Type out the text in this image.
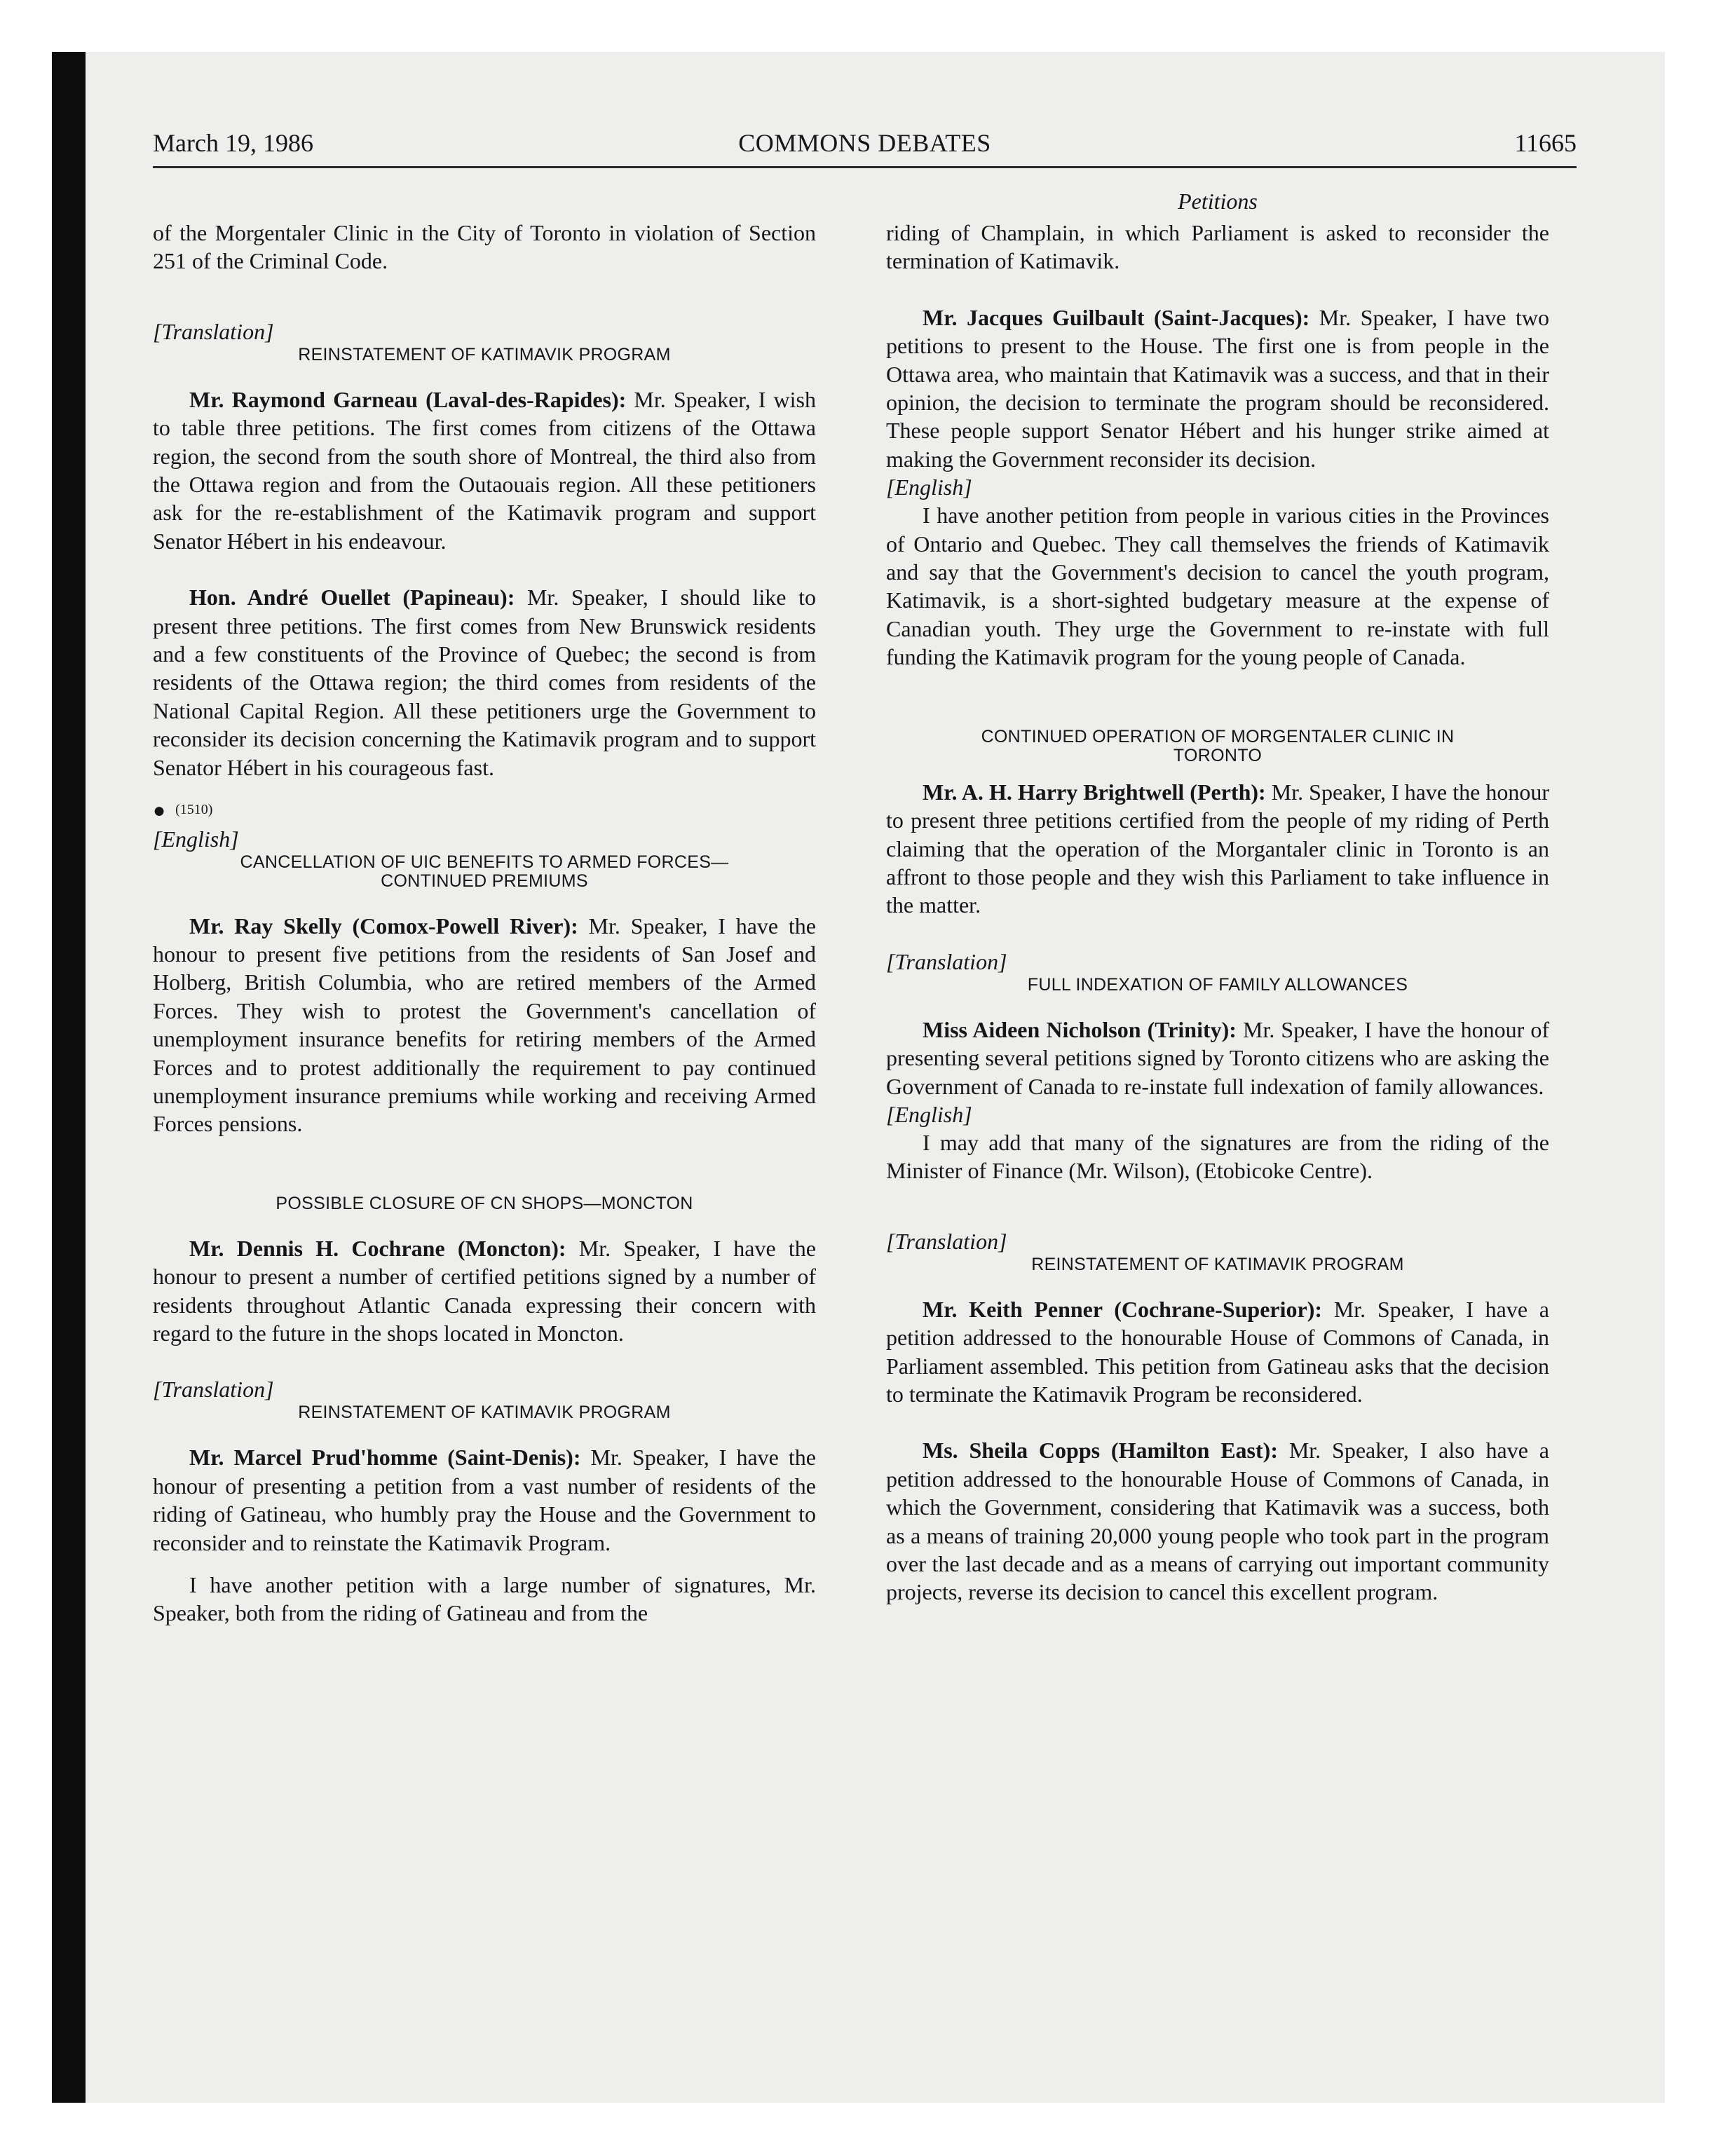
March 19, 1986	COMMONS DEBATES	11665

of the Morgentaler Clinic in the City of Toronto in violation of Section 251 of the Criminal Code.

[Translation]
REINSTATEMENT OF KATIMAVIK PROGRAM

Mr. Raymond Garneau (Laval-des-Rapides): Mr. Speaker, I wish to table three petitions. The first comes from citizens of the Ottawa region, the second from the south shore of Montreal, the third also from the Ottawa region and from the Outaouais region. All these petitioners ask for the re-establishment of the Katimavik program and support Senator Hébert in his endeavour.

Hon. André Ouellet (Papineau): Mr. Speaker, I should like to present three petitions. The first comes from New Brunswick residents and a few constituents of the Province of Quebec; the second is from residents of the Ottawa region; the third comes from residents of the National Capital Region. All these petitioners urge the Government to reconsider its decision concerning the Katimavik program and to support Senator Hébert in his courageous fast.

● (1510)
[English]
CANCELLATION OF UIC BENEFITS TO ARMED FORCES—
CONTINUED PREMIUMS

Mr. Ray Skelly (Comox-Powell River): Mr. Speaker, I have the honour to present five petitions from the residents of San Josef and Holberg, British Columbia, who are retired members of the Armed Forces. They wish to protest the Government's cancellation of unemployment insurance benefits for retiring members of the Armed Forces and to protest additionally the requirement to pay continued unemployment insurance premiums while working and receiving Armed Forces pensions.

POSSIBLE CLOSURE OF CN SHOPS—MONCTON

Mr. Dennis H. Cochrane (Moncton): Mr. Speaker, I have the honour to present a number of certified petitions signed by a number of residents throughout Atlantic Canada expressing their concern with regard to the future in the shops located in Moncton.

[Translation]
REINSTATEMENT OF KATIMAVIK PROGRAM

Mr. Marcel Prud'homme (Saint-Denis): Mr. Speaker, I have the honour of presenting a petition from a vast number of residents of the riding of Gatineau, who humbly pray the House and the Government to reconsider and to reinstate the Katimavik Program.

I have another petition with a large number of signatures, Mr. Speaker, both from the riding of Gatineau and from the

Petitions

riding of Champlain, in which Parliament is asked to reconsider the termination of Katimavik.

Mr. Jacques Guilbault (Saint-Jacques): Mr. Speaker, I have two petitions to present to the House. The first one is from people in the Ottawa area, who maintain that Katimavik was a success, and that in their opinion, the decision to terminate the program should be reconsidered. These people support Senator Hébert and his hunger strike aimed at making the Government reconsider its decision.

[English]

I have another petition from people in various cities in the Provinces of Ontario and Quebec. They call themselves the friends of Katimavik and say that the Government's decision to cancel the youth program, Katimavik, is a short-sighted budgetary measure at the expense of Canadian youth. They urge the Government to re-instate with full funding the Katimavik program for the young people of Canada.

CONTINUED OPERATION OF MORGENTALER CLINIC IN
TORONTO

Mr. A. H. Harry Brightwell (Perth): Mr. Speaker, I have the honour to present three petitions certified from the people of my riding of Perth claiming that the operation of the Morgantaler clinic in Toronto is an affront to those people and they wish this Parliament to take influence in the matter.

[Translation]
FULL INDEXATION OF FAMILY ALLOWANCES

Miss Aideen Nicholson (Trinity): Mr. Speaker, I have the honour of presenting several petitions signed by Toronto citizens who are asking the Government of Canada to re-instate full indexation of family allowances.

[English]

I may add that many of the signatures are from the riding of the Minister of Finance (Mr. Wilson), (Etobicoke Centre).

[Translation]
REINSTATEMENT OF KATIMAVIK PROGRAM

Mr. Keith Penner (Cochrane-Superior): Mr. Speaker, I have a petition addressed to the honourable House of Commons of Canada, in Parliament assembled. This petition from Gatineau asks that the decision to terminate the Katimavik Program be reconsidered.

Ms. Sheila Copps (Hamilton East): Mr. Speaker, I also have a petition addressed to the honourable House of Commons of Canada, in which the Government, considering that Katimavik was a success, both as a means of training 20,000 young people who took part in the program over the last decade and as a means of carrying out important community projects, reverse its decision to cancel this excellent program.
